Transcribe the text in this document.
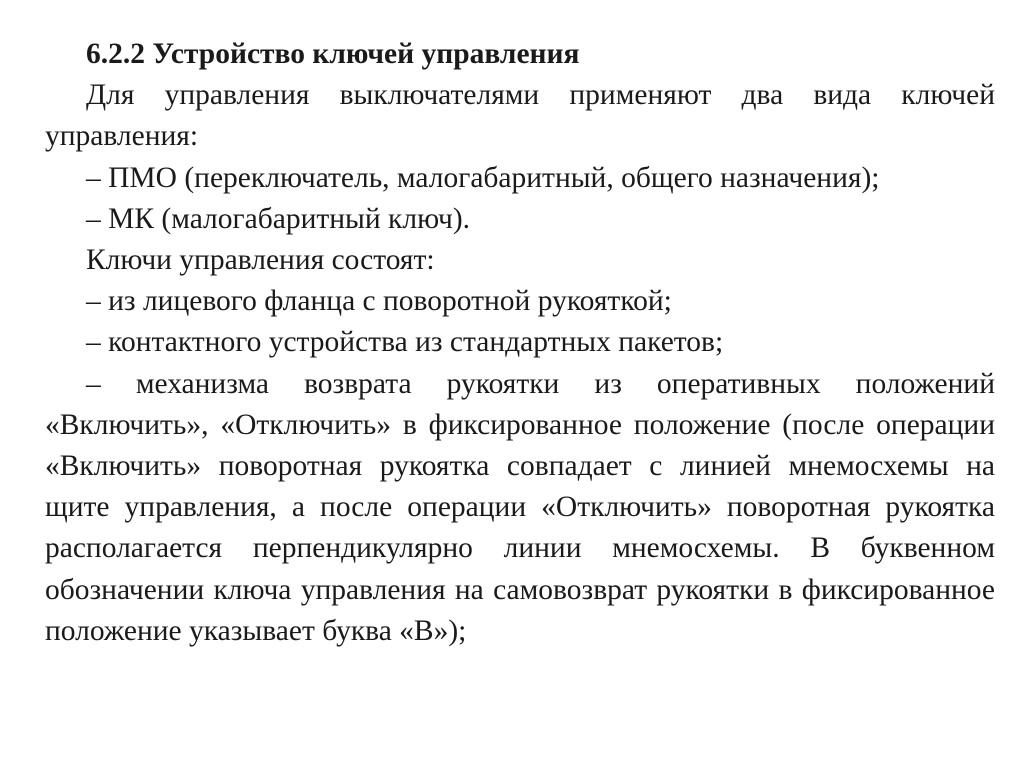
6.2.2 Устройство ключей управления

Для управления выключателями применяют два вида ключей управления:

– ПМО (переключатель, малогабаритный, общего назначения);

– МК (малогабаритный ключ).

Ключи управления состоят:

– из лицевого фланца с поворотной рукояткой;

– контактного устройства из стандартных пакетов;

– механизма возврата рукоятки из оперативных положений «Включить», «Отключить» в фиксированное положение (после операции «Включить» поворотная рукоятка совпадает с линией мнемосхемы на щите управления, а после операции «Отключить» поворотная рукоятка располагается перпендикулярно линии мнемосхемы. В буквенном обозначении ключа управления на самовозврат рукоятки в фиксированное положение указывает буква «В»);
